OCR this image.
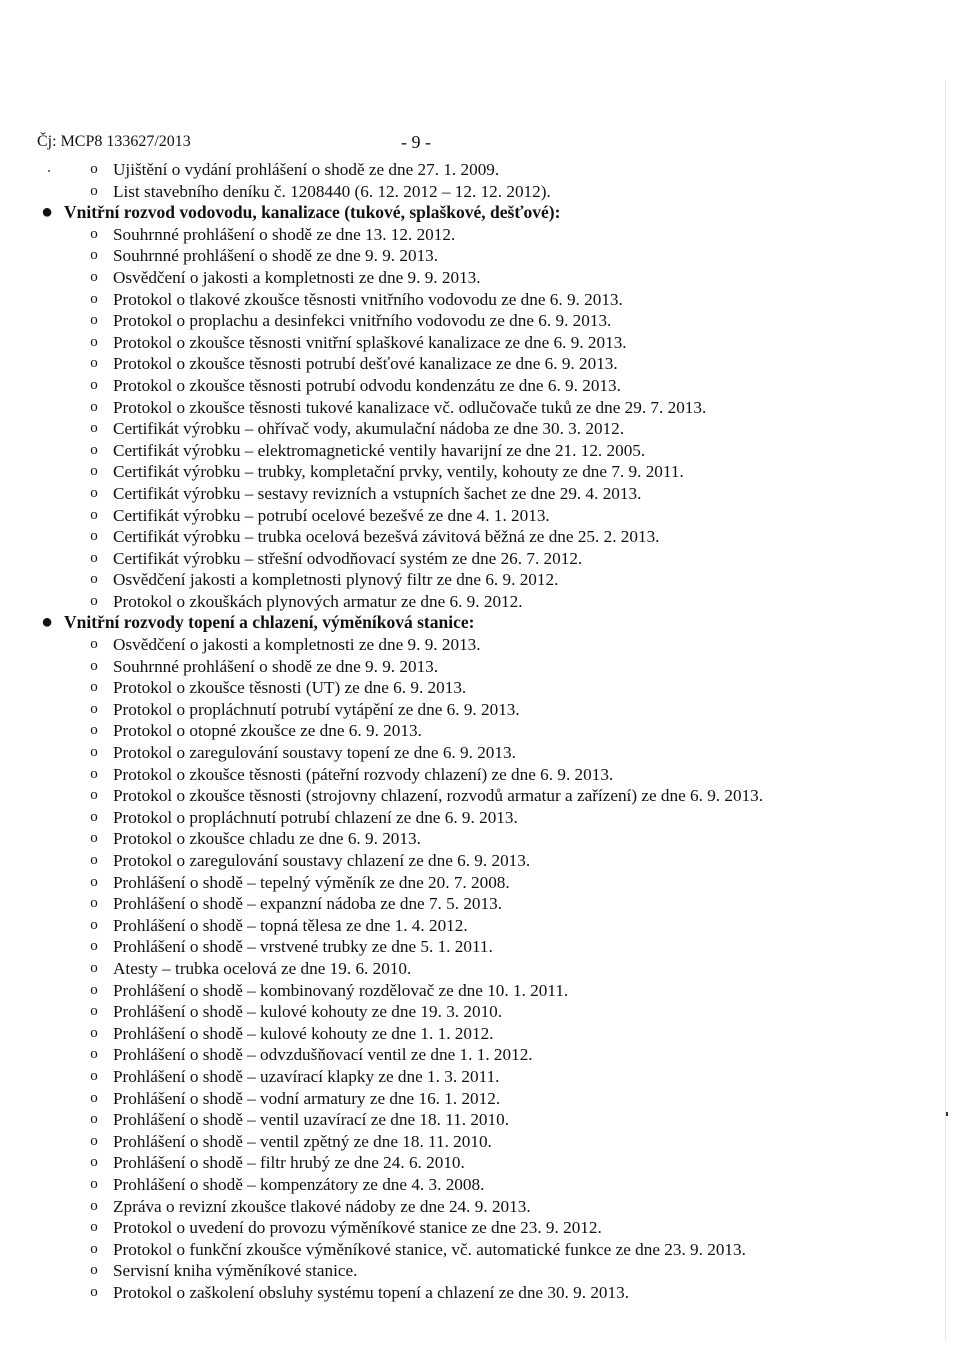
Čj: MCP8 133627/2013	- 9 -
o Ujištění o vydání prohlášení o shodě ze dne 27. 1. 2009.
o List stavebního deníku č. 1208440 (6. 12. 2012 – 12. 12. 2012).
● Vnitřní rozvod vodovodu, kanalizace (tukové, splaškové, dešťové):
o Souhrnné prohlášení o shodě ze dne 13. 12. 2012.
o Souhrnné prohlášení o shodě ze dne 9. 9. 2013.
o Osvědčení o jakosti a kompletnosti ze dne 9. 9. 2013.
o Protokol o tlakové zkoušce těsnosti vnitřního vodovodu ze dne 6. 9. 2013.
o Protokol o proplachu a desinfekci vnitřního vodovodu ze dne 6. 9. 2013.
o Protokol o zkoušce těsnosti vnitřní splaškové kanalizace ze dne 6. 9. 2013.
o Protokol o zkoušce těsnosti potrubí dešťové kanalizace ze dne 6. 9. 2013.
o Protokol o zkoušce těsnosti potrubí odvodu kondenzátu ze dne 6. 9. 2013.
o Protokol o zkoušce těsnosti tukové kanalizace vč. odlučovače tuků ze dne 29. 7. 2013.
o Certifikát výrobku – ohřívač vody, akumulační nádoba ze dne 30. 3. 2012.
o Certifikát výrobku – elektromagnetické ventily havarijní ze dne 21. 12. 2005.
o Certifikát výrobku – trubky, kompletační prvky, ventily, kohouty ze dne 7. 9. 2011.
o Certifikát výrobku – sestavy revizních a vstupních šachet ze dne 29. 4. 2013.
o Certifikát výrobku – potrubí ocelové bezešvé ze dne 4. 1. 2013.
o Certifikát výrobku – trubka ocelová bezešvá závitová běžná ze dne 25. 2. 2013.
o Certifikát výrobku – střešní odvodňovací systém ze dne 26. 7. 2012.
o Osvědčení jakosti a kompletnosti plynový filtr ze dne 6. 9. 2012.
o Protokol o zkouškách plynových armatur ze dne 6. 9. 2012.
● Vnitřní rozvody topení a chlazení, výměníková stanice:
o Osvědčení o jakosti a kompletnosti ze dne 9. 9. 2013.
o Souhrnné prohlášení o shodě ze dne 9. 9. 2013.
o Protokol o zkoušce těsnosti (UT) ze dne 6. 9. 2013.
o Protokol o propláchnutí potrubí vytápění ze dne 6. 9. 2013.
o Protokol o otopné zkoušce ze dne 6. 9. 2013.
o Protokol o zaregulování soustavy topení ze dne 6. 9. 2013.
o Protokol o zkoušce těsnosti (páteřní rozvody chlazení) ze dne 6. 9. 2013.
o Protokol o zkoušce těsnosti (strojovny chlazení, rozvodů armatur a zařízení) ze dne 6. 9. 2013.
o Protokol o propláchnutí potrubí chlazení ze dne 6. 9. 2013.
o Protokol o zkoušce chladu ze dne 6. 9. 2013.
o Protokol o zaregulování soustavy chlazení ze dne 6. 9. 2013.
o Prohlášení o shodě – tepelný výměník ze dne 20. 7. 2008.
o Prohlášení o shodě – expanzní nádoba ze dne 7. 5. 2013.
o Prohlášení o shodě – topná tělesa ze dne 1. 4. 2012.
o Prohlášení o shodě – vrstvené trubky ze dne 5. 1. 2011.
o Atesty – trubka ocelová ze dne 19. 6. 2010.
o Prohlášení o shodě – kombinovaný rozdělovač ze dne 10. 1. 2011.
o Prohlášení o shodě – kulové kohouty ze dne 19. 3. 2010.
o Prohlášení o shodě – kulové kohouty ze dne 1. 1. 2012.
o Prohlášení o shodě – odvzdušňovací ventil ze dne 1. 1. 2012.
o Prohlášení o shodě – uzavírací klapky ze dne 1. 3. 2011.
o Prohlášení o shodě – vodní armatury ze dne 16. 1. 2012.
o Prohlášení o shodě – ventil uzavírací ze dne 18. 11. 2010.
o Prohlášení o shodě – ventil zpětný ze dne 18. 11. 2010.
o Prohlášení o shodě – filtr hrubý ze dne 24. 6. 2010.
o Prohlášení o shodě – kompenzátory ze dne 4. 3. 2008.
o Zpráva o revizní zkoušce tlakové nádoby ze dne 24. 9. 2013.
o Protokol o uvedení do provozu výměníkové stanice ze dne 23. 9. 2012.
o Protokol o funkční zkoušce výměníkové stanice, vč. automatické funkce ze dne 23. 9. 2013.
o Servisní kniha výměníkové stanice.
o Protokol o zaškolení obsluhy systému topení a chlazení ze dne 30. 9. 2013.
